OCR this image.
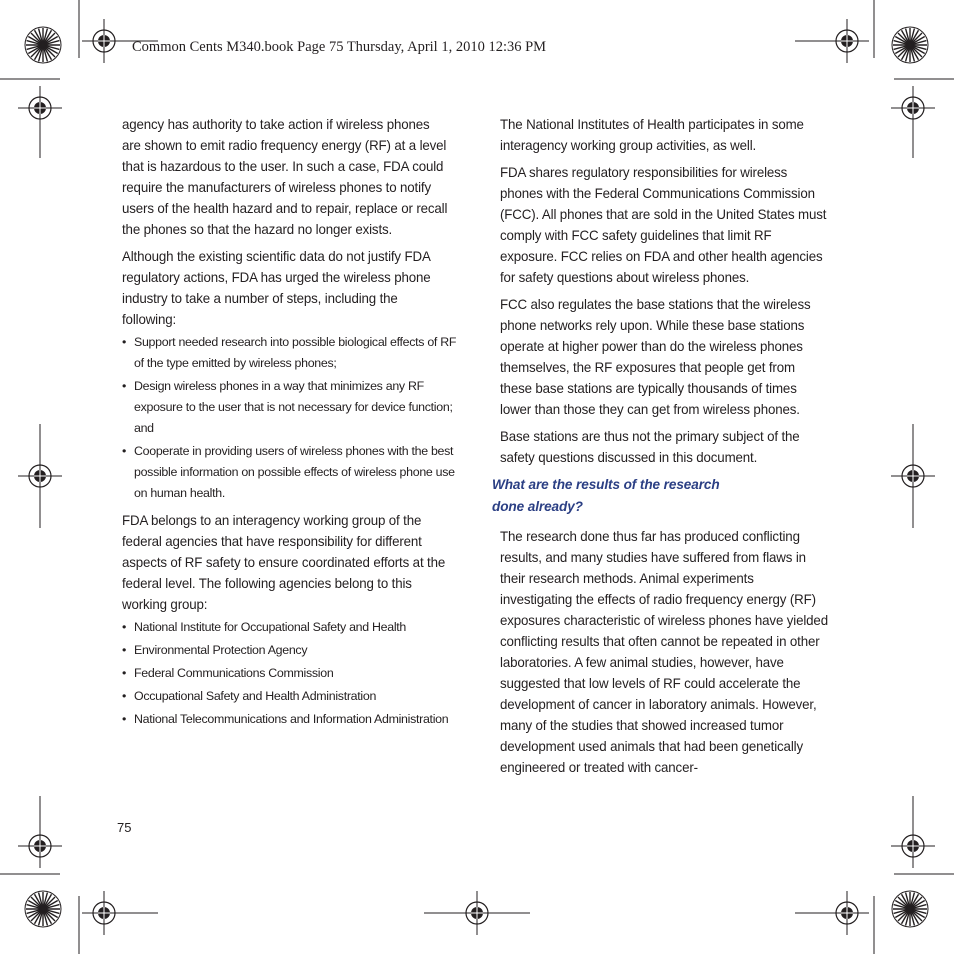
Common Cents M340.book Page 75 Thursday, April 1, 2010 12:36 PM

agency has authority to take action if wireless phones are shown to emit radio frequency energy (RF) at a level that is hazardous to the user. In such a case, FDA could require the manufacturers of wireless phones to notify users of the health hazard and to repair, replace or recall the phones so that the hazard no longer exists.

Although the existing scientific data do not justify FDA regulatory actions, FDA has urged the wireless phone industry to take a number of steps, including the following:

• Support needed research into possible biological effects of RF of the type emitted by wireless phones;
• Design wireless phones in a way that minimizes any RF exposure to the user that is not necessary for device function; and
• Cooperate in providing users of wireless phones with the best possible information on possible effects of wireless phone use on human health.

FDA belongs to an interagency working group of the federal agencies that have responsibility for different aspects of RF safety to ensure coordinated efforts at the federal level. The following agencies belong to this working group:

• National Institute for Occupational Safety and Health
• Environmental Protection Agency
• Federal Communications Commission
• Occupational Safety and Health Administration
• National Telecommunications and Information Administration

The National Institutes of Health participates in some interagency working group activities, as well.

FDA shares regulatory responsibilities for wireless phones with the Federal Communications Commission (FCC). All phones that are sold in the United States must comply with FCC safety guidelines that limit RF exposure. FCC relies on FDA and other health agencies for safety questions about wireless phones.

FCC also regulates the base stations that the wireless phone networks rely upon. While these base stations operate at higher power than do the wireless phones themselves, the RF exposures that people get from these base stations are typically thousands of times lower than those they can get from wireless phones.

Base stations are thus not the primary subject of the safety questions discussed in this document.

What are the results of the research
done already?

The research done thus far has produced conflicting results, and many studies have suffered from flaws in their research methods. Animal experiments investigating the effects of radio frequency energy (RF) exposures characteristic of wireless phones have yielded conflicting results that often cannot be repeated in other laboratories. A few animal studies, however, have suggested that low levels of RF could accelerate the development of cancer in laboratory animals. However, many of the studies that showed increased tumor development used animals that had been genetically engineered or treated with cancer-

75
